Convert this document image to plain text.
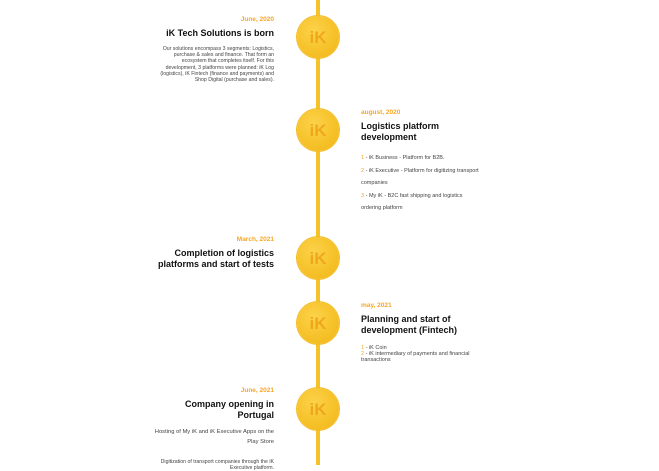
iK
June, 2020
iK Tech Solutions is born
Our solutions encompass 3 segments: Logistics, purchase & sales and finance. That form an ecosystem that completes itself. For this development, 3 platforms were planned: iK Log (logistics), iK Fintech (finance and payments) and Shop Digital (purchase and sales).
iK
august, 2020
Logistics platform development
1 - iK Business - Platform for B2B.
2 - iK Executive - Platform for digitizing transport companies
3 - My iK - B2C fast shipping and logistics ordering platform
iK
March, 2021
Completion of logistics platforms and start of tests
iK
may, 2021
Planning and start of development (Fintech)
1 - iK Coin
2 - iK intermediary of payments and financial transactions
iK
June, 2021
Company opening in Portugal
Hosting of My iK and iK Executive Apps on the Play Store
Digitization of transport companies through the iK Executive platform.
